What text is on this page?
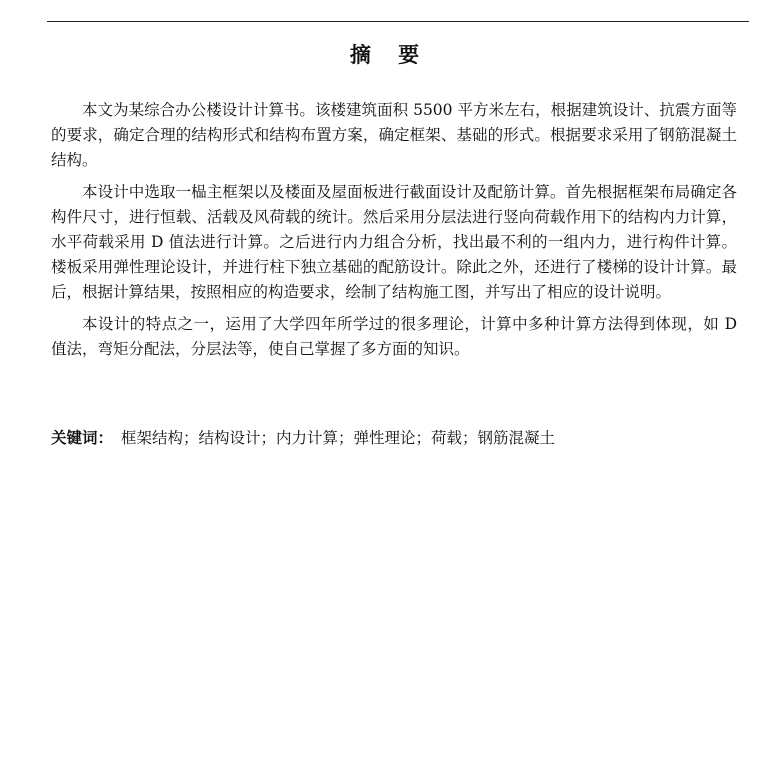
摘 要

本文为某综合办公楼设计计算书。该楼建筑面积 5500 平方米左右，根据建筑设计、抗震方面等的要求，确定合理的结构形式和结构布置方案，确定框架、基础的形式。根据要求采用了钢筋混凝土结构。

本设计中选取一榀主框架以及楼面及屋面板进行截面设计及配筋计算。首先根据框架布局确定各构件尺寸，进行恒载、活载及风荷载的统计。然后采用分层法进行竖向荷载作用下的结构内力计算，水平荷载采用 D 值法进行计算。之后进行内力组合分析，找出最不利的一组内力，进行构件计算。楼板采用弹性理论设计，并进行柱下独立基础的配筋设计。除此之外，还进行了楼梯的设计计算。最后，根据计算结果，按照相应的构造要求，绘制了结构施工图，并写出了相应的设计说明。

本设计的特点之一，运用了大学四年所学过的很多理论，计算中多种计算方法得到体现，如 D 值法，弯矩分配法，分层法等，使自己掌握了多方面的知识。

关键词： 框架结构；结构设计；内力计算；弹性理论；荷载；钢筋混凝土
